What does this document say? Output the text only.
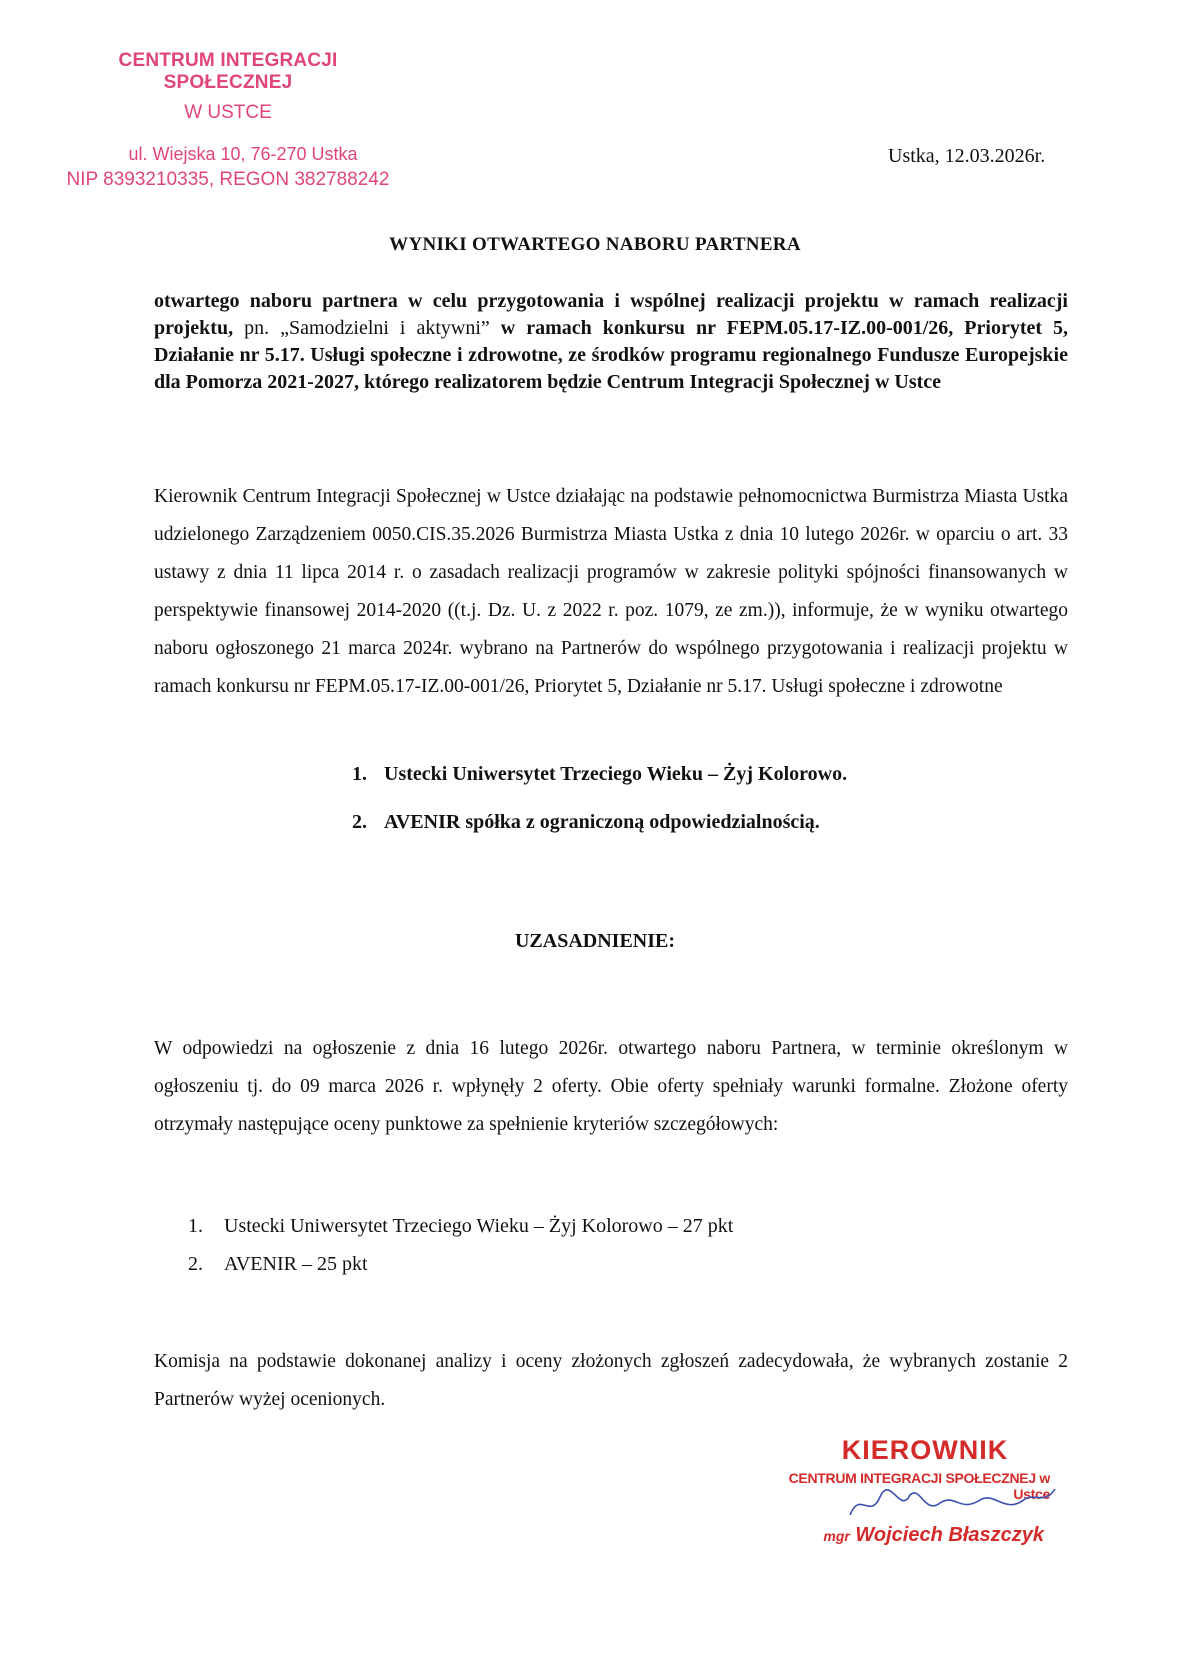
CENTRUM INTEGRACJI SPOŁECZNEJ
W USTCE
ul. Wiejska 10, 76-270 Ustka
NIP 8393210335, REGON 382788242
Ustka, 12.03.2026r.
WYNIKI OTWARTEGO NABORU PARTNERA
otwartego naboru partnera w celu przygotowania i wspólnej realizacji projektu w ramach realizacji projektu, pn. „Samodzielni i aktywni” w ramach konkursu nr FEPM.05.17-IZ.00-001/26, Priorytet 5, Działanie nr 5.17. Usługi społeczne i zdrowotne, ze środków programu regionalnego Fundusze Europejskie dla Pomorza 2021-2027, którego realizatorem będzie Centrum Integracji Społecznej w Ustce
Kierownik Centrum Integracji Społecznej w Ustce działając na podstawie pełnomocnictwa Burmistrza Miasta Ustka udzielonego Zarządzeniem 0050.CIS.35.2026 Burmistrza Miasta Ustka z dnia 10 lutego 2026r. w oparciu o art. 33 ustawy z dnia 11 lipca 2014 r. o zasadach realizacji programów w zakresie polityki spójności finansowanych w perspektywie finansowej 2014-2020 ((t.j. Dz. U. z 2022 r. poz. 1079, ze zm.)), informuje, że w wyniku otwartego naboru ogłoszonego 21 marca 2024r. wybrano na Partnerów do wspólnego przygotowania i realizacji projektu w ramach konkursu nr FEPM.05.17-IZ.00-001/26, Priorytet 5, Działanie nr 5.17. Usługi społeczne i zdrowotne
1. Ustecki Uniwersytet Trzeciego Wieku – Żyj Kolorowo.
2. AVENIR spółka z ograniczoną odpowiedzialnością.
UZASADNIENIE:
W odpowiedzi na ogłoszenie z dnia 16 lutego 2026r. otwartego naboru Partnera, w terminie określonym w ogłoszeniu tj. do 09 marca 2026 r. wpłynęły 2 oferty. Obie oferty spełniały warunki formalne. Złożone oferty otrzymały następujące oceny punktowe za spełnienie kryteriów szczegółowych:
1. Ustecki Uniwersytet Trzeciego Wieku – Żyj Kolorowo – 27 pkt
2. AVENIR – 25 pkt
Komisja na podstawie dokonanej analizy i oceny złożonych zgłoszeń zadecydowała, że wybranych zostanie 2 Partnerów wyżej ocenionych.
KIEROWNIK
CENTRUM INTEGRACJI SPOŁECZNEJ w Ustce
mgr Wojciech Błaszczyk
